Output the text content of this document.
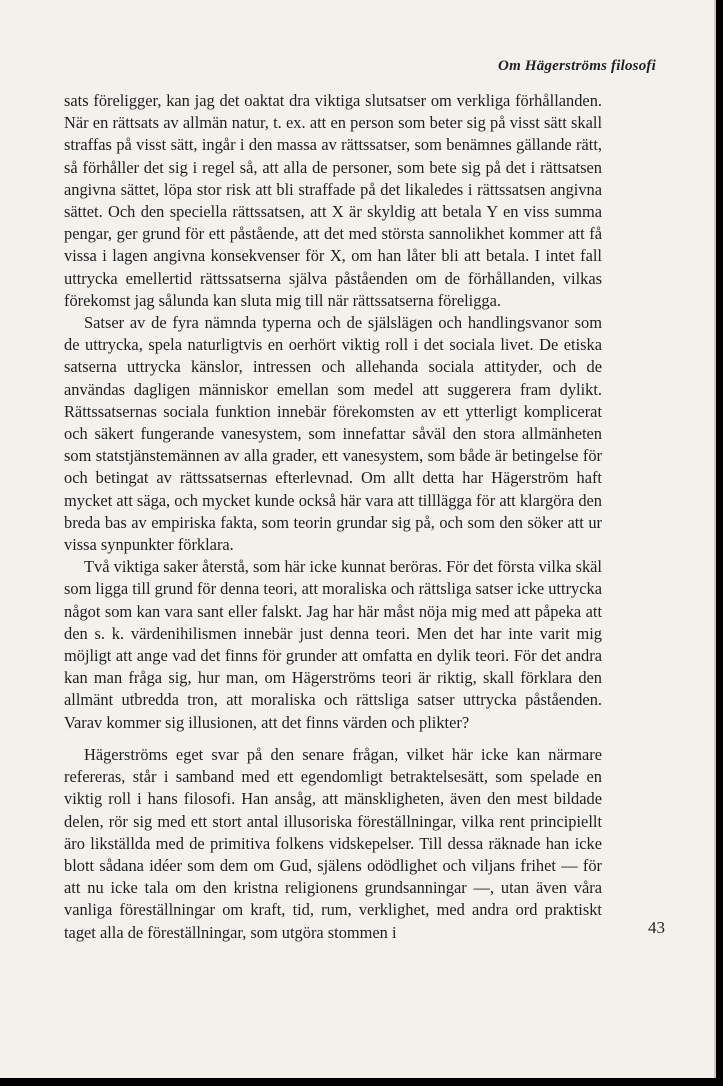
Om Hägerströms filosofi

sats föreligger, kan jag det oaktat dra viktiga slutsatser om verkliga förhållanden. När en rättsats av allmän natur, t. ex. att en person som beter sig på visst sätt skall straffas på visst sätt, ingår i den massa av rättssatser, som benämnes gällande rätt, så förhåller det sig i regel så, att alla de personer, som bete sig på det i rättsatsen angivna sättet, löpa stor risk att bli straffade på det likaledes i rättssatsen angivna sättet. Och den speciella rättssatsen, att X är skyldig att betala Y en viss summa pengar, ger grund för ett påstående, att det med största sannolikhet kommer att få vissa i lagen angivna konsekvenser för X, om han låter bli att betala. I intet fall uttrycka emellertid rättssatserna själva påståenden om de förhållanden, vilkas förekomst jag sålunda kan sluta mig till när rättssatserna föreligga.

Satser av de fyra nämnda typerna och de själslägen och handlingsvanor som de uttrycka, spela naturligtvis en oerhört viktig roll i det sociala livet. De etiska satserna uttrycka känslor, intressen och allehanda sociala attityder, och de användas dagligen människor emellan som medel att suggerera fram dylikt. Rättssatsernas sociala funktion innebär förekomsten av ett ytterligt komplicerat och säkert fungerande vanesystem, som innefattar såväl den stora allmänheten som statstjänstemännen av alla grader, ett vanesystem, som både är betingelse för och betingat av rättssatsernas efterlevnad. Om allt detta har Hägerström haft mycket att säga, och mycket kunde också här vara att tilllägga för att klargöra den breda bas av empiriska fakta, som teorin grundar sig på, och som den söker att ur vissa synpunkter förklara.

Två viktiga saker återstå, som här icke kunnat beröras. För det första vilka skäl som ligga till grund för denna teori, att moraliska och rättsliga satser icke uttrycka något som kan vara sant eller falskt. Jag har här måst nöja mig med att påpeka att den s. k. värdenihilismen innebär just denna teori. Men det har inte varit mig möjligt att ange vad det finns för grunder att omfatta en dylik teori. För det andra kan man fråga sig, hur man, om Hägerströms teori är riktig, skall förklara den allmänt utbredda tron, att moraliska och rättsliga satser uttrycka påståenden. Varav kommer sig illusionen, att det finns värden och plikter?

Hägerströms eget svar på den senare frågan, vilket här icke kan närmare refereras, står i samband med ett egendomligt betraktelsesätt, som spelade en viktig roll i hans filosofi. Han ansåg, att mänskligheten, även den mest bildade delen, rör sig med ett stort antal illusoriska föreställningar, vilka rent principiellt äro likställda med de primitiva folkens vidskepelser. Till dessa räknade han icke blott sådana idéer som dem om Gud, själens odödlighet och viljans frihet — för att nu icke tala om den kristna religionens grundsanningar —, utan även våra vanliga föreställningar om kraft, tid, rum, verklighet, med andra ord praktiskt taget alla de föreställningar, som utgöra stommen i	43
